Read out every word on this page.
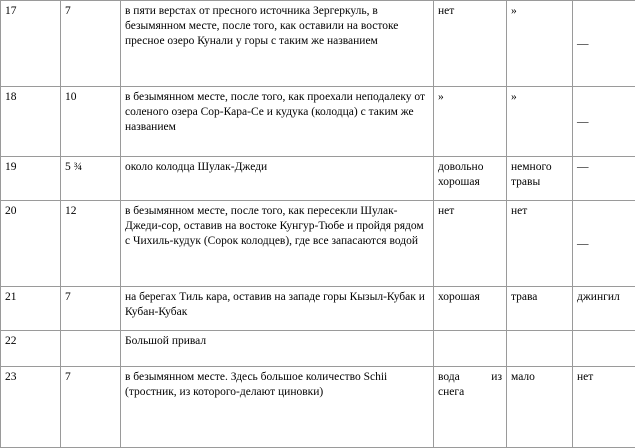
17	7	в пяти верстах от пресного источника Зергеркуль, в безымянном месте, после того, как оставили на востоке пресное озеро Кунали у горы с таким же названием	нет	»	—
18	10	в безымянном месте, после того, как проехали неподалеку от соленого озера Сор-Кара-Се и кудука (колодца) с таким же названием	»	»	—
19	5 ¾	около колодца Шулак-Джеди	довольно хорошая	немного травы	—
20	12	в безымянном месте, после того, как пересекли Шулак-Джеди-сор, оставив на востоке Кунгур-Тюбе и пройдя рядом с Чихиль-кудук (Сорок колодцев), где все запасаются водой	нет	нет	—
21	7	на берегах Тиль кара, оставив на западе горы Кызыл-Кубак и Кубан-Кубак	хорошая	трава	джингил
22		Большой привал			
23	7	в безымянном месте. Здесь большое количество Schii (тростник, из которого-делают циновки)	вода из снега	мало	нет
